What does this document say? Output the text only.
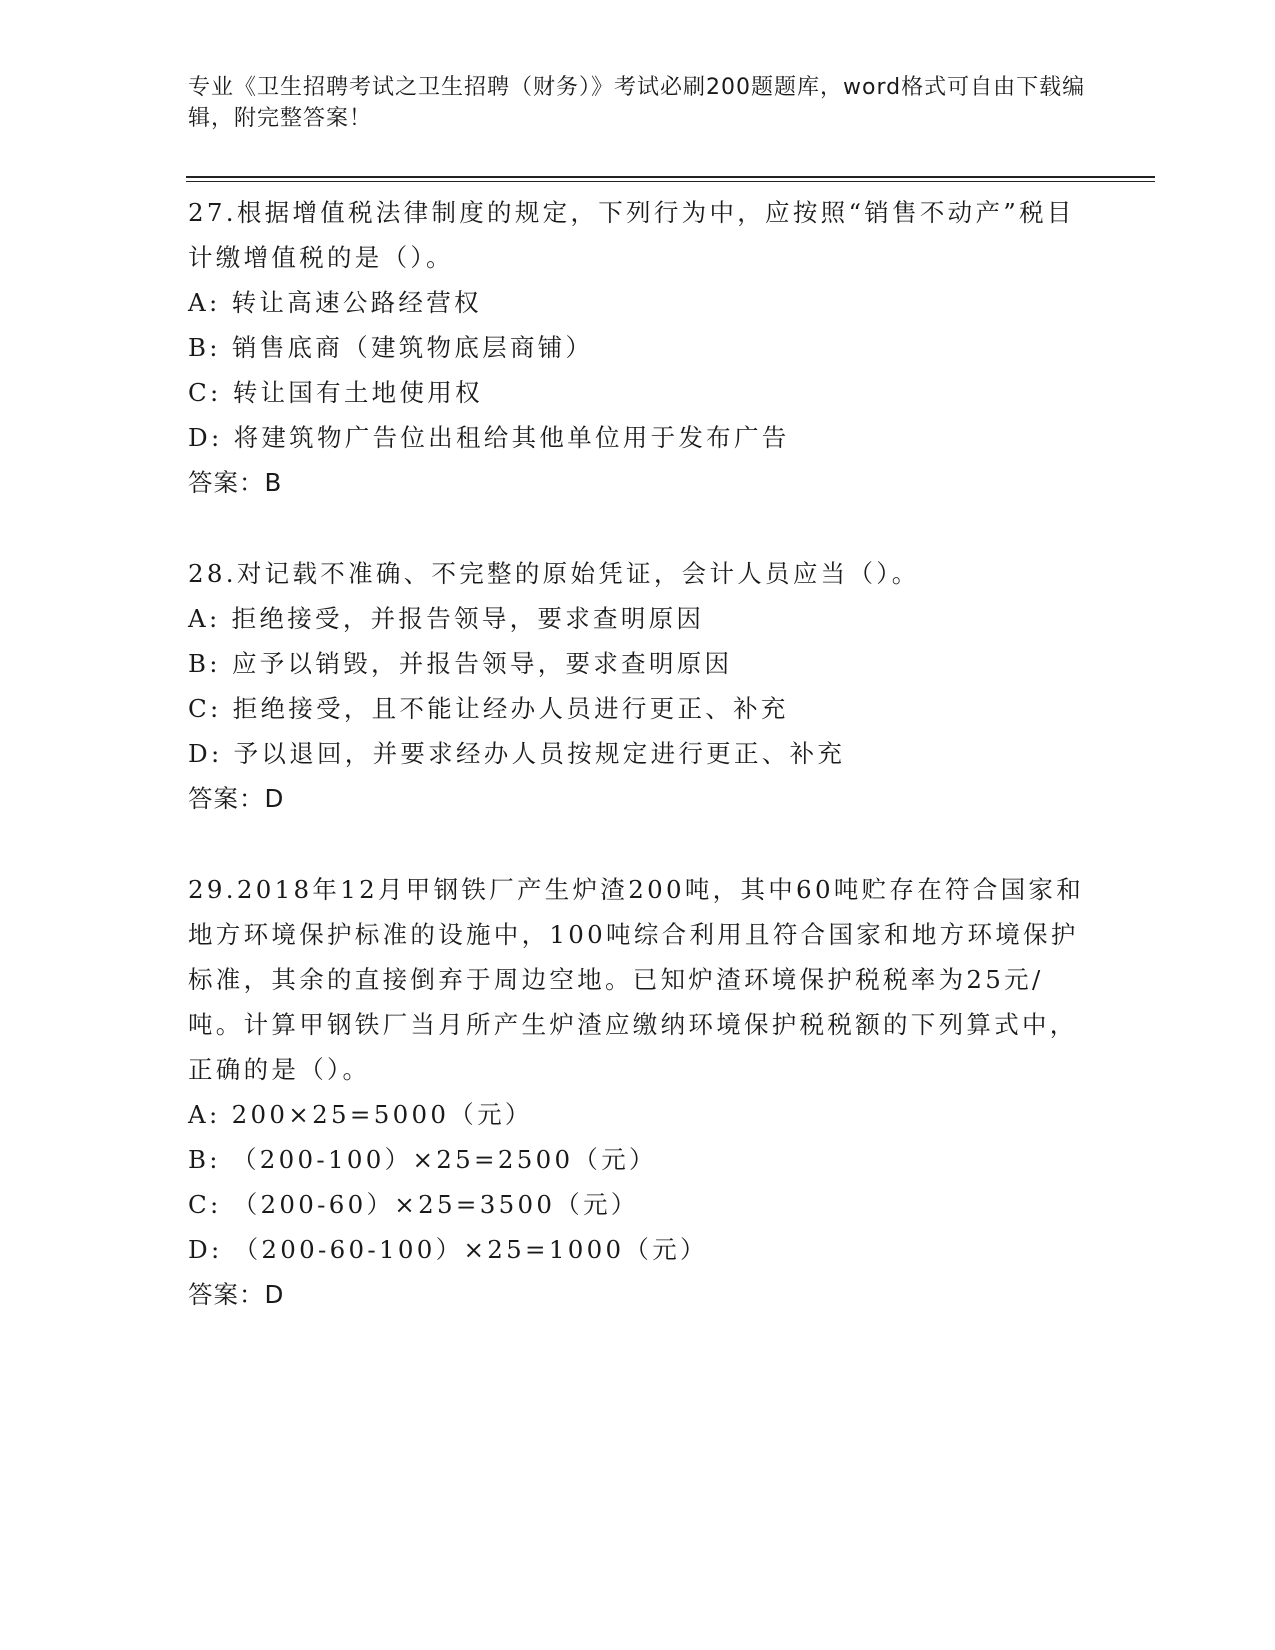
专业《卫生招聘考试之卫生招聘（财务）》考试必刷200题题库，word格式可自由下载编辑，附完整答案！

27.根据增值税法律制度的规定，下列行为中，应按照“销售不动产”税目计缴增值税的是（）。

A: 转让高速公路经营权

B: 销售底商（建筑物底层商铺）

C: 转让国有土地使用权

D: 将建筑物广告位出租给其他单位用于发布广告

答案：B

28.对记载不准确、不完整的原始凭证，会计人员应当（）。

A: 拒绝接受，并报告领导，要求查明原因

B: 应予以销毁，并报告领导，要求查明原因

C: 拒绝接受，且不能让经办人员进行更正、补充

D: 予以退回，并要求经办人员按规定进行更正、补充

答案：D

29.2018年12月甲钢铁厂产生炉渣200吨，其中60吨贮存在符合国家和地方环境保护标准的设施中，100吨综合利用且符合国家和地方环境保护标准，其余的直接倒弃于周边空地。已知炉渣环境保护税税率为25元/吨。计算甲钢铁厂当月所产生炉渣应缴纳环境保护税税额的下列算式中，正确的是（）。

A: 200×25=5000（元）

B: （200-100）×25=2500（元）

C: （200-60）×25=3500（元）

D: （200-60-100）×25=1000（元）

答案：D
